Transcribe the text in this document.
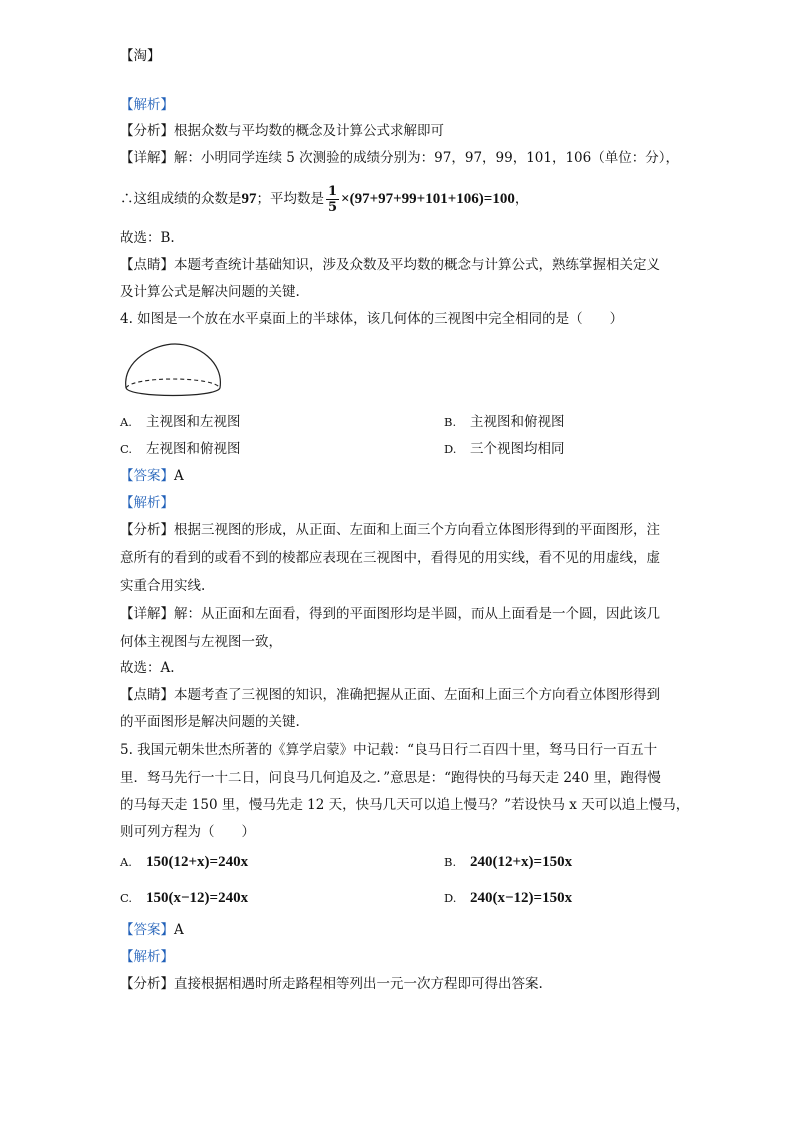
【淘】
【解析】
【分析】根据众数与平均数的概念及计算公式求解即可
【详解】解：小明同学连续 5 次测验的成绩分别为：97，97，99，101，106（单位：分），
∴这组成绩的众数是97；平均数是 $\frac{1}{5} \times(97+97+99+101+106)=100$，
故选：B.
【点睛】本题考查统计基础知识，涉及众数及平均数的概念与计算公式，熟练掌握相关定义
及计算公式是解决问题的关键.
4. 如图是一个放在水平桌面上的半球体，该几何体的三视图中完全相同的是（　　）
A. 主视图和左视图	B. 主视图和俯视图
C. 左视图和俯视图	D. 三个视图均相同
【答案】A
【解析】
【分析】根据三视图的形成，从正面、左面和上面三个方向看立体图形得到的平面图形，注
意所有的看到的或看不到的棱都应表现在三视图中，看得见的用实线，看不见的用虚线，虚
实重合用实线.
【详解】解：从正面和左面看，得到的平面图形均是半圆，而从上面看是一个圆，因此该几
何体主视图与左视图一致，
故选：A.
【点睛】本题考查了三视图的知识，准确把握从正面、左面和上面三个方向看立体图形得到
的平面图形是解决问题的关键.
5. 我国元朝朱世杰所著的《算学启蒙》中记载：“良马日行二百四十里，驽马日行一百五十
里．驽马先行一十二日，问良马几何追及之．”意思是：“跑得快的马每天走 240 里，跑得慢
的马每天走 150 里，慢马先走 12 天，快马几天可以追上慢马？”若设快马 x 天可以追上慢马，
则可列方程为（　　）
A. 150(12+x)=240x	B. 240(12+x)=150x
C. 150(x−12)=240x	D. 240(x−12)=150x
【答案】A
【解析】
【分析】直接根据相遇时所走路程相等列出一元一次方程即可得出答案.
